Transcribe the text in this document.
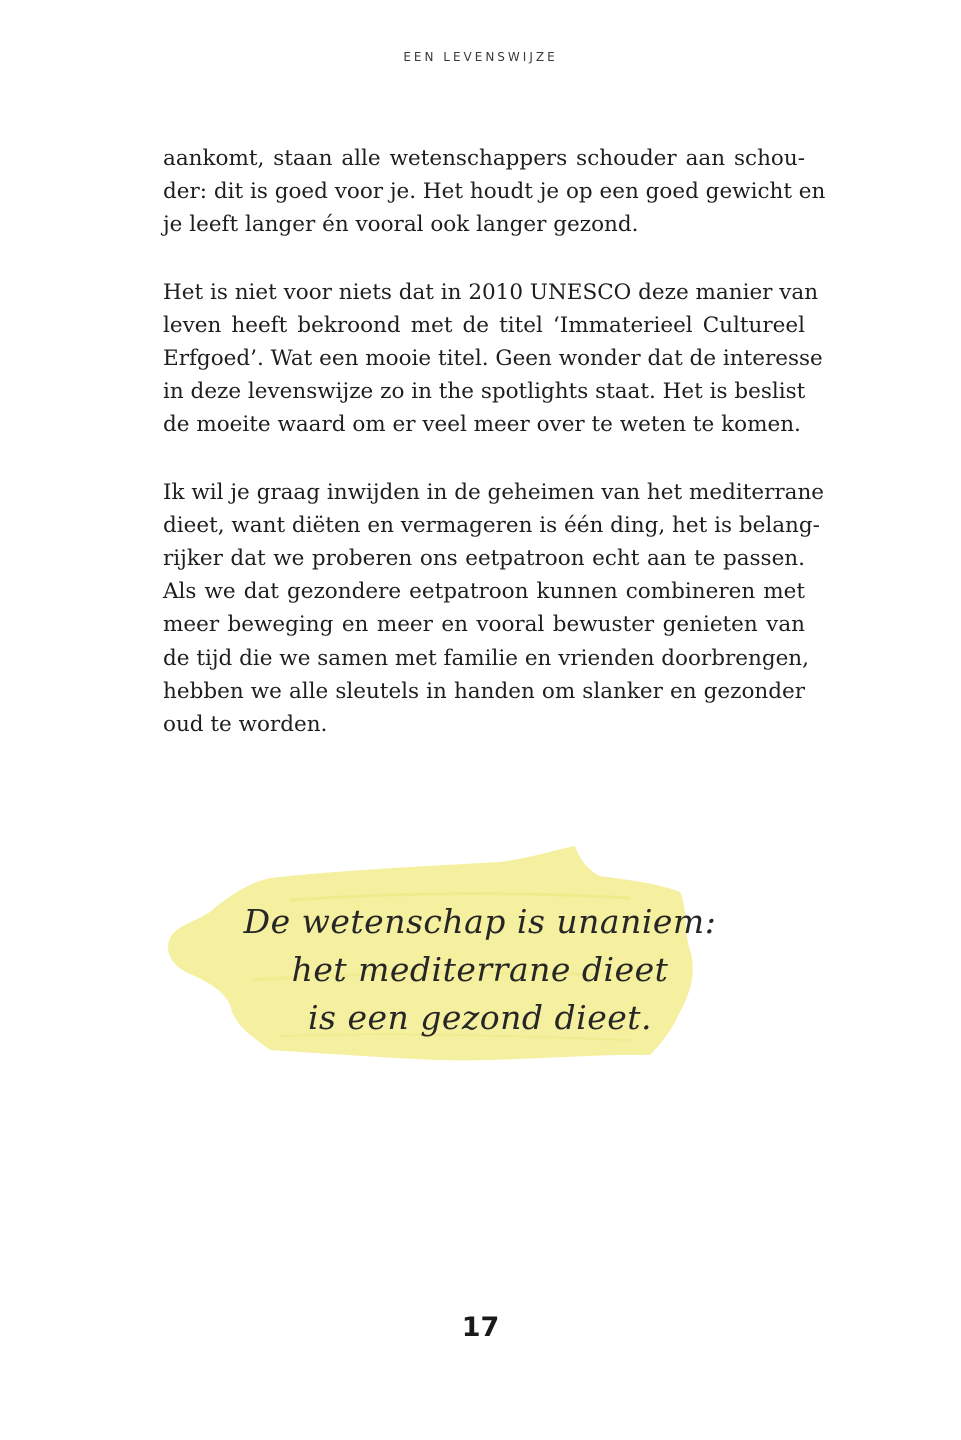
EEN LEVENSWIJZE

aankomt, staan alle wetenschappers schouder aan schou-
der: dit is goed voor je. Het houdt je op een goed gewicht en
je leeft langer én vooral ook langer gezond.

Het is niet voor niets dat in 2010 UNESCO deze manier van
leven heeft bekroond met de titel ‘Immaterieel Cultureel
Erfgoed’. Wat een mooie titel. Geen wonder dat de interesse
in deze levenswijze zo in the spotlights staat. Het is beslist
de moeite waard om er veel meer over te weten te komen.

Ik wil je graag inwijden in de geheimen van het mediterrane
dieet, want diëten en vermageren is één ding, het is belang-
rijker dat we proberen ons eetpatroon echt aan te passen.
Als we dat gezondere eetpatroon kunnen combineren met
meer beweging en meer en vooral bewuster genieten van
de tijd die we samen met familie en vrienden doorbrengen,
hebben we alle sleutels in handen om slanker en gezonder
oud te worden.

De wetenschap is unaniem:
het mediterrane dieet
is een gezond dieet.
17
